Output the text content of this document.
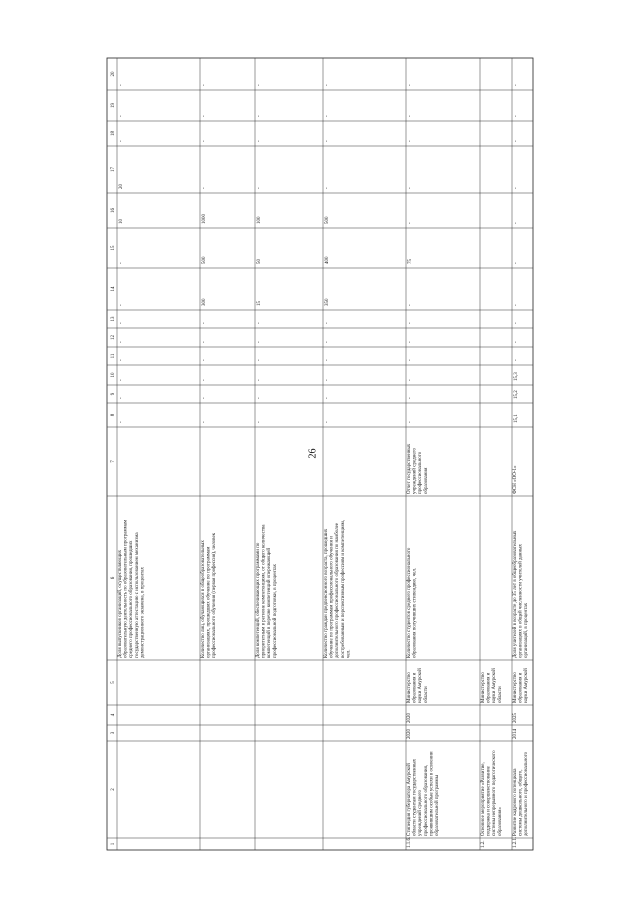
26
1
2
3
4
5
6
7
8
9
10
11
12
13
14
15
16
17
18
19
20
Доля выпускников организаций, осуществляющих образовательную деятельность по образовательным программам среднего профессионального образования, прошедших государственную аттестацию с использованием механизма демонстрационного экзамена, в процентах
-
-
-
-
-
-
-
-
10
20
-
-
-
Количество лиц, обучающихся в общеобразовательных организациях, прошедших обучение по программам профессионального обучения (первая профессия), человек
-
-
-
-
-
-
300
500
1000
-
-
-
-
Доля компетенций, обеспечивающих программами по приоритетным в регионе компетенциям, от общего количества компетенций в перечне компетенций опережающей профессиональной подготовки, в процентах
-
-
-
-
-
-
15
50
100
-
-
-
-
Количество граждан предпенсионного возраста, прошедших обучение по программам профессионального обучения и дополнительного профессионального образования по наиболее востребованным и перспективным профессиям и компетенциям, чел.
-
-
-
-
-
-
350
400
500
-
-
-
-
1.1.6.
Стипендия губернатора Амурской области студентам государственных учреждений среднего профессионального образования, проявившим особые успехи в освоении образовательной программы
2020
2020
Министерство образования и науки Амурской области
Количество студентов среднего профессионального образования получивших стипендию, чел.
Отчет государственных учреждений среднего профессионального образования
-
-
-
-
-
-
-
75
-
-
-
-
-
1.2.
Основное мероприятие «Развитие, поддержка и совершенствование системы непрерывного педагогического образования»
Министерство образования и науки Амурской области
1.2.1.
Развитие кадрового потенциала системы дошкольного, общего, дополнительного и профессионального
2014
2025
Министерство образования и науки Амурской
Доля учителей в возрасте до 35 лет в общеобразовательных организациях в общей численности учителей данных организаций, в процентах
ФСН «ОО-1»
15,1
15,2
15,3
-
-
-
-
-
-
-
-
-
-
